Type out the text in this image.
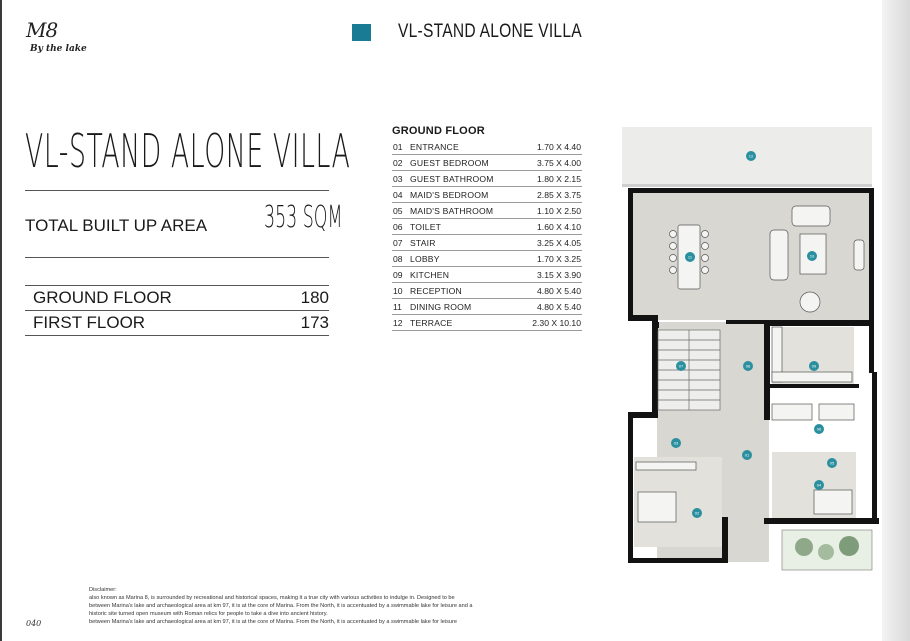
M8
By the lake
VL-STAND ALONE VILLA
VL-STAND ALONE VILLA
TOTAL BUILT UP AREA 353 SQM
GROUND FLOOR	180
FIRST FLOOR	173
GROUND FLOOR
01 ENTRANCE	1.70 X 4.40
02 GUEST BEDROOM	3.75 X 4.00
03 GUEST BATHROOM	1.80 X 2.15
04 MAID'S BEDROOM	2.85 X 3.75
05 MAID'S BATHROOM	1.10 X 2.50
06 TOILET	1.60 X 4.10
07 STAIR	3.25 X 4.05
08 LOBBY	1.70 X 3.25
09 KITCHEN	3.15 X 3.90
10 RECEPTION	4.80 X 5.40
11 DINING ROOM	4.80 X 5.40
12 TERRACE	2.30 X 10.10
12
11	10
09
08
07
06
05
04
03
02
01
Disclaimer:
also known as Marina 8, is surrounded by recreational and historical spaces, making it a true city with various activities to indulge in. Designed to be
between Marina's lake and archaeological area at km 97, it is at the core of Marina. From the North, it is accentuated by a swimmable lake for leisure and a
historic site turned open museum with Roman relics for people to take a dive into ancient history.
between Marina's lake and archaeological area at km 97, it is at the core of Marina. From the North, it is accentuated by a swimmable lake for leisure
040
